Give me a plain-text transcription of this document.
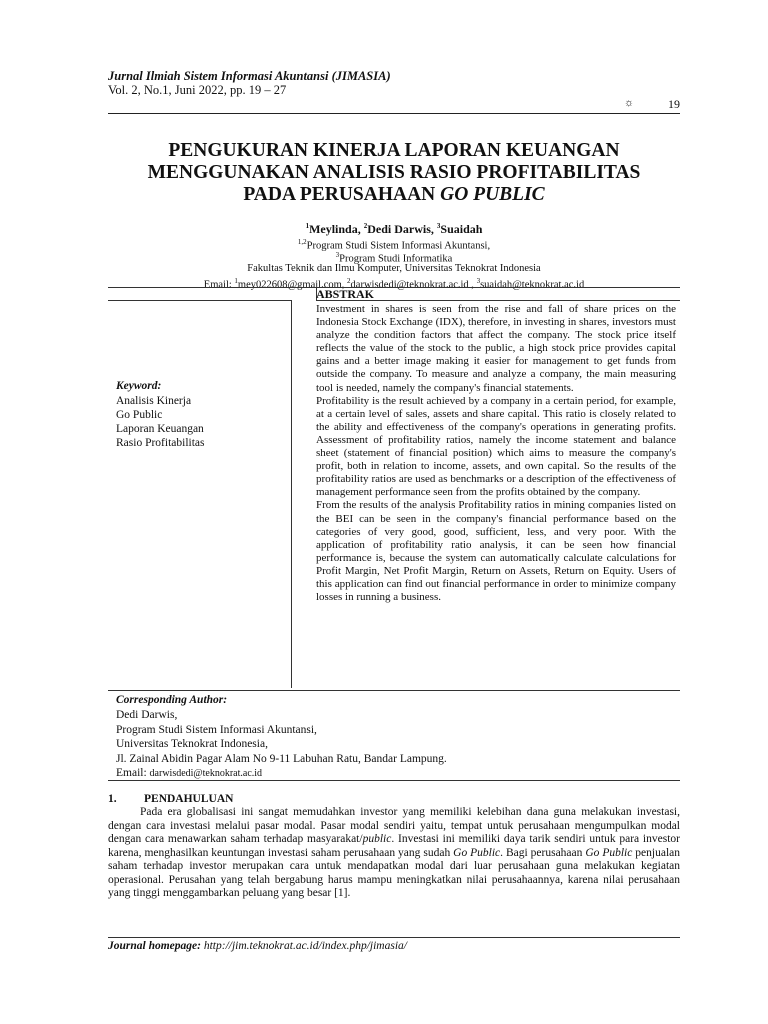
Jurnal Ilmiah Sistem Informasi Akuntansi (JIMASIA)
Vol. 2, No.1, Juni 2022, pp. 19 – 27
☼	19
PENGUKURAN KINERJA LAPORAN KEUANGAN
MENGGUNAKAN ANALISIS RASIO PROFITABILITAS
PADA PERUSAHAAN GO PUBLIC
$^1$Meylinda, $^2$Dedi Darwis, $^3$Suaidah
$^{1,2}$Program Studi Sistem Informasi Akuntansi,
$^3$Program Studi Informatika
Fakultas Teknik dan Ilmu Komputer, Universitas Teknokrat Indonesia
Email: $^1$mey022608@gmail.com, $^2$darwisdedi@teknokrat.ac.id , $^3$suaidah@teknokrat.ac.id
ABSTRAK

Investment in shares is seen from the rise and fall of share prices on the Indonesia Stock Exchange (IDX), therefore, in investing in shares, investors must analyze the condition factors that affect the company. The stock price itself reflects the value of the stock to the public, a high stock price provides capital gains and a better image making it easier for management to get funds from outside the company. To measure and analyze a company, the main measuring tool is needed, namely the company's financial statements.

Profitability is the result achieved by a company in a certain period, for example, at a certain level of sales, assets and share capital. This ratio is closely related to the ability and effectiveness of the company's operations in generating profits. Assessment of profitability ratios, namely the income statement and balance sheet (statement of financial position) which aims to measure the company's profit, both in relation to income, assets, and own capital. So the results of the profitability ratios are used as benchmarks or a description of the effectiveness of management performance seen from the profits obtained by the company.

From the results of the analysis Profitability ratios in mining companies listed on the BEI can be seen in the company's financial performance based on the categories of very good, good, sufficient, less, and very poor. With the application of profitability ratio analysis, it can be seen how financial performance is, because the system can automatically calculate calculations for Profit Margin, Net Profit Margin, Return on Assets, Return on Equity. Users of this application can find out financial performance in order to minimize company losses in running a business.

Keyword:
Analisis Kinerja
Go Public
Laporan Keuangan
Rasio Profitabilitas
Corresponding Author:
Dedi Darwis,
Program Studi Sistem Informasi Akuntansi,
Universitas Teknokrat Indonesia,
Jl. Zainal Abidin Pagar Alam No 9-11 Labuhan Ratu, Bandar Lampung.
Email: darwisdedi@teknokrat.ac.id
1. PENDAHULUAN
Pada era globalisasi ini sangat memudahkan investor yang memiliki kelebihan dana guna melakukan investasi, dengan cara investasi melalui pasar modal. Pasar modal sendiri yaitu, tempat untuk perusahaan mengumpulkan modal dengan cara menawarkan saham terhadap masyarakat/public. Investasi ini memiliki daya tarik sendiri untuk para investor karena, menghasilkan keuntungan investasi saham perusahaan yang sudah Go Public. Bagi perusahaan Go Public penjualan saham terhadap investor merupakan cara untuk mendapatkan modal dari luar perusahaan guna melakukan kegiatan operasional. Perusahan yang telah bergabung harus mampu meningkatkan nilai perusahaannya, karena nilai perusahaan yang tinggi menggambarkan peluang yang besar [1].
Journal homepage: http://jim.teknokrat.ac.id/index.php/jimasia/
